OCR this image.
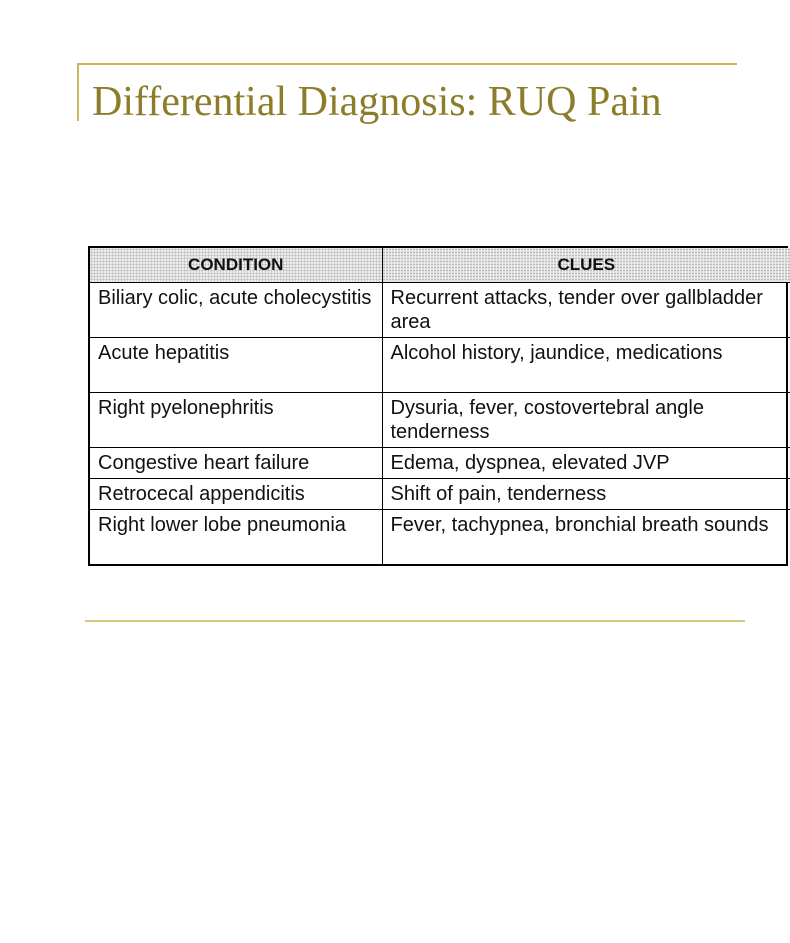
Differential Diagnosis: RUQ Pain
CONDITION	CLUES
Biliary colic, acute cholecystitis	Recurrent attacks, tender over gallbladder
area

Acute hepatitis	Alcohol history, jaundice, medications

Right pyelonephritis	Dysuria, fever, costovertebral angle
tenderness

Congestive heart failure	Edema, dyspnea, elevated JVP

Retrocecal appendicitis	Shift of pain, tenderness

Right lower lobe pneumonia	Fever, tachypnea, bronchial breath sounds
